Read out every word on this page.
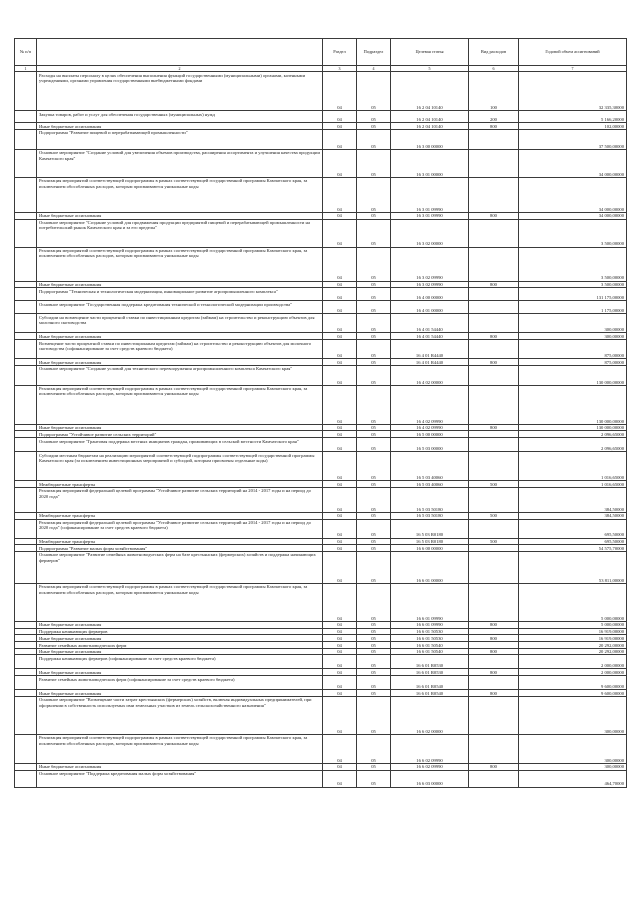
№ п/п		Раздел	Подраздел	Целевая статья	Вид расходов	Годовой объем ассигнований
1	2	3	4	5	6	7
	Расходы на выплаты персоналу в целях обеспечения выполнения функций государственными (муниципальными) органами, казенными учреждениями, органами управления государственными внебюджетными фондами	04	05	16 2 04 10140	100	32 335,30000
	Закупка товаров, работ и услуг для обеспечения государственных (муниципальных) нужд	04	05	16 2 04 10140	200	5 166,20000
	Иные бюджетные ассигнования	04	05	16 2 04 10140	800	102,00000
	Подпрограмма "Развитие пищевой и перерабатывающей промышленности"	04	05	16 3 00 00000		37 500,00000
	Основное мероприятие "Создание условий для увеличения объемов производства, расширения ассортимента и улучшения качества продукции Камчатского края"	04	05	16 3 01 00000		34 000,00000
	Реализация мероприятий соответствующей подпрограммы в рамках соответствующей государственной программы Камчатского края, за исключением обособленных расходов, которым присваиваются уникальные коды	04	05	16 3 01 09990		34 000,00000
	Иные бюджетные ассигнования	04	05	16 3 01 09990	800	34 000,00000
	Основное мероприятие "Создание условий для продвижения продукции предприятий пищевой и перерабатывающей промышленности на потребительский рынок Камчатского края и за его пределы"	04	05	16 3 02 00000		3 500,00000
	Реализация мероприятий соответствующей подпрограммы в рамках соответствующей государственной программы Камчатского края, за исключением обособленных расходов, которым присваиваются уникальные коды	04	05	16 3 02 09990		3 500,00000
	Иные бюджетные ассигнования	04	05	16 3 02 09990	800	3 500,00000
	Подпрограмма "Техническая и технологическая модернизация, инновационное развитие агропромышленного комплекса"	04	05	16 4 00 00000		131 175,00000
	Основное мероприятие "Государственная поддержка кредитования технической и технологической модернизации производства"	04	05	16 4 01 00000		1 175,00000
	Субсидии на возмещение части процентной ставки по инвестиционным кредитам (займам) на строительство и реконструкцию объектов для молочного скотоводства	04	05	16 4 01 54440		300,00000
	Иные бюджетные ассигнования	04	05	16 4 01 54440	800	300,00000
	Возмещение части процентной ставки по инвестиционным кредитам (займам) на строительство и реконструкцию объектов для молочного скотоводства (софинансирование за счет средств краевого бюджета)	04	05	16 4 01 R4440		875,00000
	Иные бюджетные ассигнования	04	05	16 4 01 R4440	800	875,00000
	Основное мероприятие "Создание условий для технического перевооружения агропромышленного комплекса Камчатского края"	04	05	16 4 02 00000		130 000,00000
	Реализация мероприятий соответствующей подпрограммы в рамках соответствующей государственной программы Камчатского края, за исключением обособленных расходов, которым присваиваются уникальные коды	04	05	16 4 02 09990		130 000,00000
	Иные бюджетные ассигнования	04	05	16 4 02 09990	800	130 000,00000
	Подпрограмма "Устойчивое развитие сельских территорий"	04	05	16 5 00 00000		2 096,65000
	Основное мероприятие "Грантовая поддержка местных инициатив граждан, проживающих в сельской местности Камчатского края"	04	05	16 5 03 00000		2 096,65000
	Субсидии местным бюджетам на реализацию мероприятий соответствующей подпрограммы соответствующей государственной программы Камчатского края (за исключением инвестиционных мероприятий и субсидий, которым присвоены отдельные коды)	04	05	16 5 03 40060		1 016,65000
	Межбюджетные трансферты	04	05	16 5 03 40060	500	1 016,65000
	Реализация мероприятий федеральной целевой программы "Устойчивое развитие сельских территорий на 2014 - 2017 годы и на период до 2020 года"	04	05	16 5 03 50180		384,50000
	Межбюджетные трансферты	04	05	16 5 03 50180	500	384,50000
	Реализация мероприятий федеральной целевой программы "Устойчивое развитие сельских территорий на 2014 - 2017 годы и на период до 2020 года" (софинансирование за счет средств краевого бюджета)	04	05	16 5 03 R0180		695,50000
	Межбюджетные трансферты	04	05	16 5 03 R0180	500	695,50000
	Подпрограмма "Развитие малых форм хозяйствования"	04	05	16 6 00 00000		54 575,70000
	Основное мероприятие "Развитие семейных животноводческих ферм на базе крестьянских (фермерских) хозяйств и поддержка начинающих фермеров"	04	05	16 6 01 00000		53 811,00000
	Реализация мероприятий соответствующей подпрограммы в рамках соответствующей государственной программы Камчатского края, за исключением обособленных расходов, которым присваиваются уникальные коды	04	05	16 6 01 09990		5 000,00000
	Иные бюджетные ассигнования	04	05	16 6 01 09990	800	5 000,00000
	Поддержка начинающих фермеров	04	05	16 6 01 50530		16 919,00000
	Иные бюджетные ассигнования	04	05	16 6 01 50530	800	16 919,00000
	Развитие семейных животноводческих ферм	04	05	16 6 01 50540		20 292,00000
	Иные бюджетные ассигнования	04	05	16 6 01 50540	800	20 292,00000
	Поддержка начинающих фермеров (софинансирование за счет средств краевого бюджета)	04	05	16 6 01 R0530		2 000,00000
	Иные бюджетные ассигнования	04	05	16 6 01 R0530	800	2 000,00000
	Развитие семейных животноводческих ферм (софинансирование за счет средств краевого бюджета)	04	05	16 6 01 R0540		9 600,00000
	Иные бюджетные ассигнования	04	05	16 6 01 R0540	800	9 600,00000
	Основное мероприятие "Возмещение части затрат крестьянских (фермерских) хозяйств, включая индивидуальных предпринимателей, при оформлении в собственность используемых ими земельных участков из земель сельскохозяйственного назначения"	04	05	16 6 02 00000		300,00000
	Реализация мероприятий соответствующей подпрограммы в рамках соответствующей государственной программы Камчатского края, за исключением обособленных расходов, которым присваиваются уникальные коды	04	05	16 6 02 09990		300,00000
	Иные бюджетные ассигнования	04	05	16 6 02 09990	800	300,00000
	Основное мероприятие "Поддержка кредитования малых форм хозяйствования"	04	05	16 6 03 00000		464,70000
